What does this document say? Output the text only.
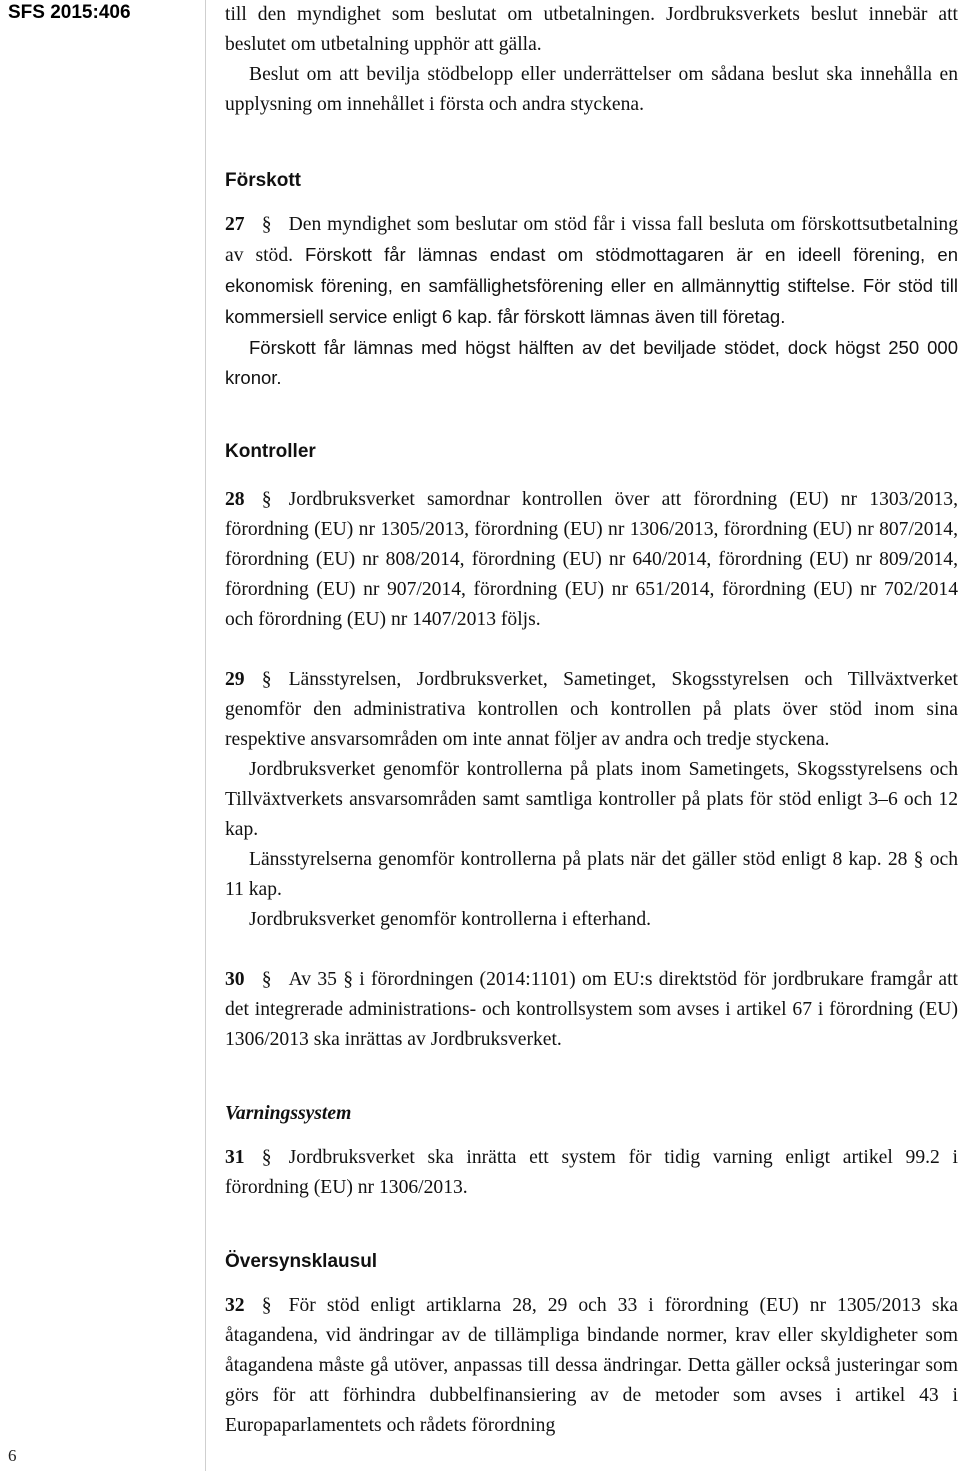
SFS 2015:406
6

till den myndighet som beslutat om utbetalningen. Jordbruksverkets beslut innebär att beslutet om utbetalning upphör att gälla.

Beslut om att bevilja stödbelopp eller underrättelser om sådana beslut ska innehålla en upplysning om innehållet i första och andra styckena.

Förskott

27 § Den myndighet som beslutar om stöd får i vissa fall besluta om förskottsutbetalning av stöd. Förskott får lämnas endast om stödmottagaren är en ideell förening, en ekonomisk förening, en samfällighetsförening eller en allmännyttig stiftelse. För stöd till kommersiell service enligt 6 kap. får förskott lämnas även till företag.

Förskott får lämnas med högst hälften av det beviljade stödet, dock högst 250 000 kronor.

Kontroller

28 § Jordbruksverket samordnar kontrollen över att förordning (EU) nr 1303/2013, förordning (EU) nr 1305/2013, förordning (EU) nr 1306/2013, förordning (EU) nr 807/2014, förordning (EU) nr 808/2014, förordning (EU) nr 640/2014, förordning (EU) nr 809/2014, förordning (EU) nr 907/2014, förordning (EU) nr 651/2014, förordning (EU) nr 702/2014 och förordning (EU) nr 1407/2013 följs.

29 § Länsstyrelsen, Jordbruksverket, Sametinget, Skogsstyrelsen och Tillväxtverket genomför den administrativa kontrollen och kontrollen på plats över stöd inom sina respektive ansvarsområden om inte annat följer av andra och tredje styckena.

Jordbruksverket genomför kontrollerna på plats inom Sametingets, Skogsstyrelsens och Tillväxtverkets ansvarsområden samt samtliga kontroller på plats för stöd enligt 3–6 och 12 kap.

Länsstyrelserna genomför kontrollerna på plats när det gäller stöd enligt 8 kap. 28 § och 11 kap.

Jordbruksverket genomför kontrollerna i efterhand.

30 § Av 35 § i förordningen (2014:1101) om EU:s direktstöd för jordbrukare framgår att det integrerade administrations- och kontrollsystem som avses i artikel 67 i förordning (EU) 1306/2013 ska inrättas av Jordbruksverket.

Varningssystem

31 § Jordbruksverket ska inrätta ett system för tidig varning enligt artikel 99.2 i förordning (EU) nr 1306/2013.

Översynsklausul

32 § För stöd enligt artiklarna 28, 29 och 33 i förordning (EU) nr 1305/2013 ska åtagandena, vid ändringar av de tillämpliga bindande normer, krav eller skyldigheter som åtagandena måste gå utöver, anpassas till dessa ändringar. Detta gäller också justeringar som görs för att förhindra dubbelfinansiering av de metoder som avses i artikel 43 i Europaparlamentets och rådets förordning
